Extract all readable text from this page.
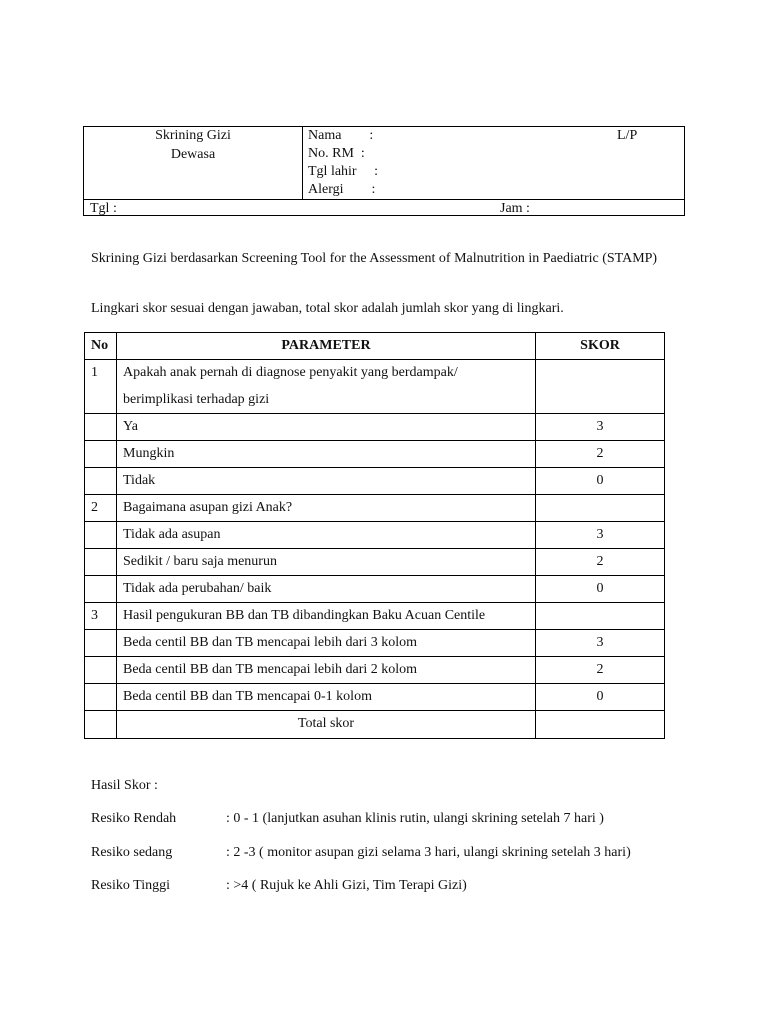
Skrining Gizi
Dewasa
Nama        :
No. RM  :
Tgl lahir     :
Alergi        :
L/P
Tgl :	Jam :

Skrining Gizi berdasarkan Screening Tool for the Assessment of Malnutrition in Paediatric (STAMP)

Lingkari skor sesuai dengan jawaban, total skor adalah jumlah skor yang di lingkari.

No	PARAMETER	SKOR
1	Apakah anak pernah di diagnose penyakit yang berdampak/
berimplikasi terhadap gizi	
	Ya	3
	Mungkin	2
	Tidak	0
2	Bagaimana asupan gizi Anak?	
	Tidak ada asupan	3
	Sedikit / baru saja menurun	2
	Tidak ada perubahan/ baik	0
3	Hasil pengukuran BB dan TB dibandingkan Baku Acuan Centile	
	Beda centil BB dan TB mencapai lebih dari 3 kolom	3
	Beda centil BB dan TB mencapai lebih dari 2 kolom	2
	Beda centil BB dan TB mencapai 0-1 kolom	0
	Total skor	
Hasil Skor :
Resiko Rendah	: 0 - 1 (lanjutkan asuhan klinis rutin, ulangi skrining setelah 7 hari )
Resiko sedang	: 2 -3 ( monitor asupan gizi selama 3 hari, ulangi skrining setelah 3 hari)
Resiko Tinggi	: >4 ( Rujuk ke Ahli Gizi, Tim Terapi Gizi)
